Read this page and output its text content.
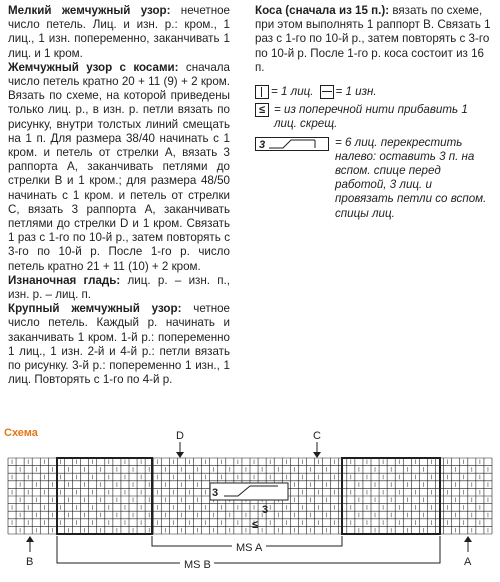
Мелкий жемчужный узор: нечетное число петель. Лиц. и изн. р.: кром., 1 лиц., 1 изн. попеременно, заканчивать 1 лиц. и 1 кром.

Жемчужный узор с косами: сначала число петель кратно 20 + 11 (9) + 2 кром. Вязать по схеме, на которой приведены только лиц. р., в изн. р. петли вязать по рисунку, внутри толстых линий смещать на 1 п. Для размера 38/40 начинать с 1 кром. и петель от стрелки А, вязать 3 раппорта А, заканчивать петлями до стрелки В и 1 кром.; для размера 48/50 начинать с 1 кром. и петель от стрелки С, вязать 3 раппорта А, заканчивать петлями до стрелки D и 1 кром. Связать 1 раз с 1-го по 10-й р., затем повторять с 3-го по 10-й р. После 1-го р. число петель кратно 21 + 11 (10) + 2 кром.

Изнаночная гладь: лиц. р. – изн. п., изн. р. – лиц. п.

Крупный жемчужный узор: четное число петель. Каждый р. начинать и заканчивать 1 кром. 1-й р.: попеременно 1 лиц., 1 изн. 2-й и 4-й р.: петли вязать по рисунку. 3-й р.: попеременно 1 изн., 1 лиц. Повторять с 1-го по 4-й р.

Коса (сначала из 15 п.): вязать по схеме, при этом выполнять 1 раппорт В. Связать 1 раз с 1-го по 10-й р., затем повторять с 3-го по 10-й р. После 1-го р. коса состоит из 16 п.

= 1 лиц. = 1 изн.
≤ = из поперечной нити прибавить 1 лиц. скрещ.
3	= 6 лиц. перекрестить налево: оставить 3 п. на вспом. спице перед работой, 3 лиц. и провязать петли со вспом. спицы лиц.
Схема
3
3
≤
D	C
B	A
MS A
MS B
